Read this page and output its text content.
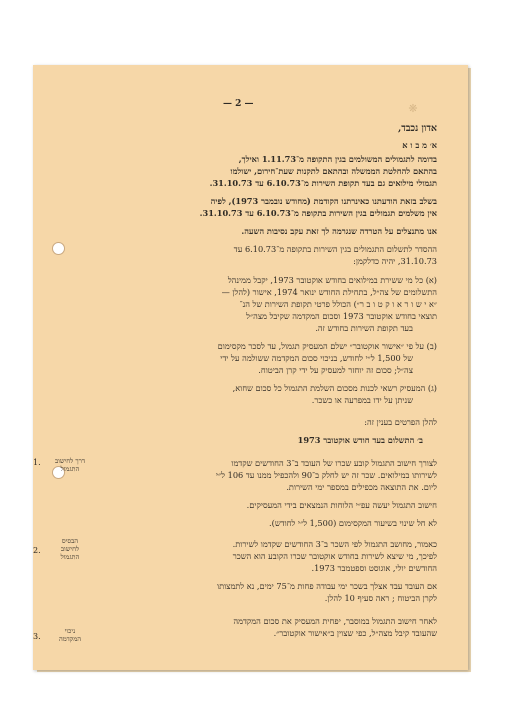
❋
— 2 —
אדון נכבד,
א׳ מ ב ו א
בדומה לתגמולים המשולמים בגין התקופה מ־1.11.73 ואילך,
בהתאם להחלטת הממשלה ובהתאם לתקנות שעת־חירום, ישולמו
תגמולי מילואים גם בעד תקופת השירות מ־6.10.73 עד 31.10.73.
בשלב בזאת הודעתנו כאינרתנו הקודמת (מחודש נובמבר 1973), לפיה
אין משלמים תגמולים בגין השירות בתקופה מ־6.10.73 עד 31.10.73.
אנו מתנצלים על הטרדה שנגרמה לך זאת עקב נסיבות השעה.
ההסדר לתשלום התגמולים בגין השירות בתקופה מ־6.10.73 עד
31.10.73, יהיה כדלקמן:
(א) כל מי ששירת במילואים בחודש אוקטובר 1973, יקבל ממינהל
התשלומים של צה״ל, בתחילת החודש ינואר 1974, אישור (להלן —
״א י ש ו ר א ו ק ט ו ב ר״) הכולל פרטי תקופת השירות של הנ־
תוצאי בחודש אוקטובר 1973 וסכום המקדמה שקיבל מצה״ל
בעד תקופת השירות בחודש זה.
(ב) על פי ״אישור אוקטובר״ ישלם המעסיק תגמול, עד לסכר מקסימום
של 1,500 ל״י לחודש, בניכוי סכום המקדמה ששולמה על ידי
צה״ל; סכום זה יוחזר למעסיק על ידי קרן הביטוח.
(ג) המעסיק רשאי לכנות מסכום השלמת התגמול כל סכום שחוא,
שניתן על ידו במפרעה או כשכר.
להלן הפרטים בענין זה:
ב׳ התשלום בעד חודש אוקטובר 1973
1.	דרך לחישוב
התגמול
לצורך חישוב התגמול קובע שכרו של העובד ב־3 החודשים שקדמו
לשירותו במילואים. שכר זה יש לחלק ב־90 ולהכפיל ממנו עד 106 ל״י
ליום. את התוצאה מכפילים במספר ימי השירות.
חישוב התגמול יעשה עפ״י הלוחות הנמצאים בידי המעסיקים.
לא חל שינוי בשיעור המקסימום (1,500 ל״י לחודש).
2.
הבסיס
לחישוב
התגמול
כאמור, מחושב התגמול לפי השכר ב־3 החודשים שקדמו לשירות.
לפיכך, מי שיצא לשירות בחודש אוקטובר שכרו הקובע הוא השכר
החודשים יולי, אוגוסט וספטמבר 1973.
אם העובד עבד אצלך בשכר ימי עבודה פחות מ־75 ימים, נא לתמצותו
לקרן הביטוח ; ראה סעיף 10 להלן.
3.
ניכוי
המקדמה
לאחר חישוב התגמול במוסבר, יפחית המעסיק את סכום המקדמה
שהעובד קיבל מצה״ל, כפי שצוין ב״אישור אוקטובר״.
